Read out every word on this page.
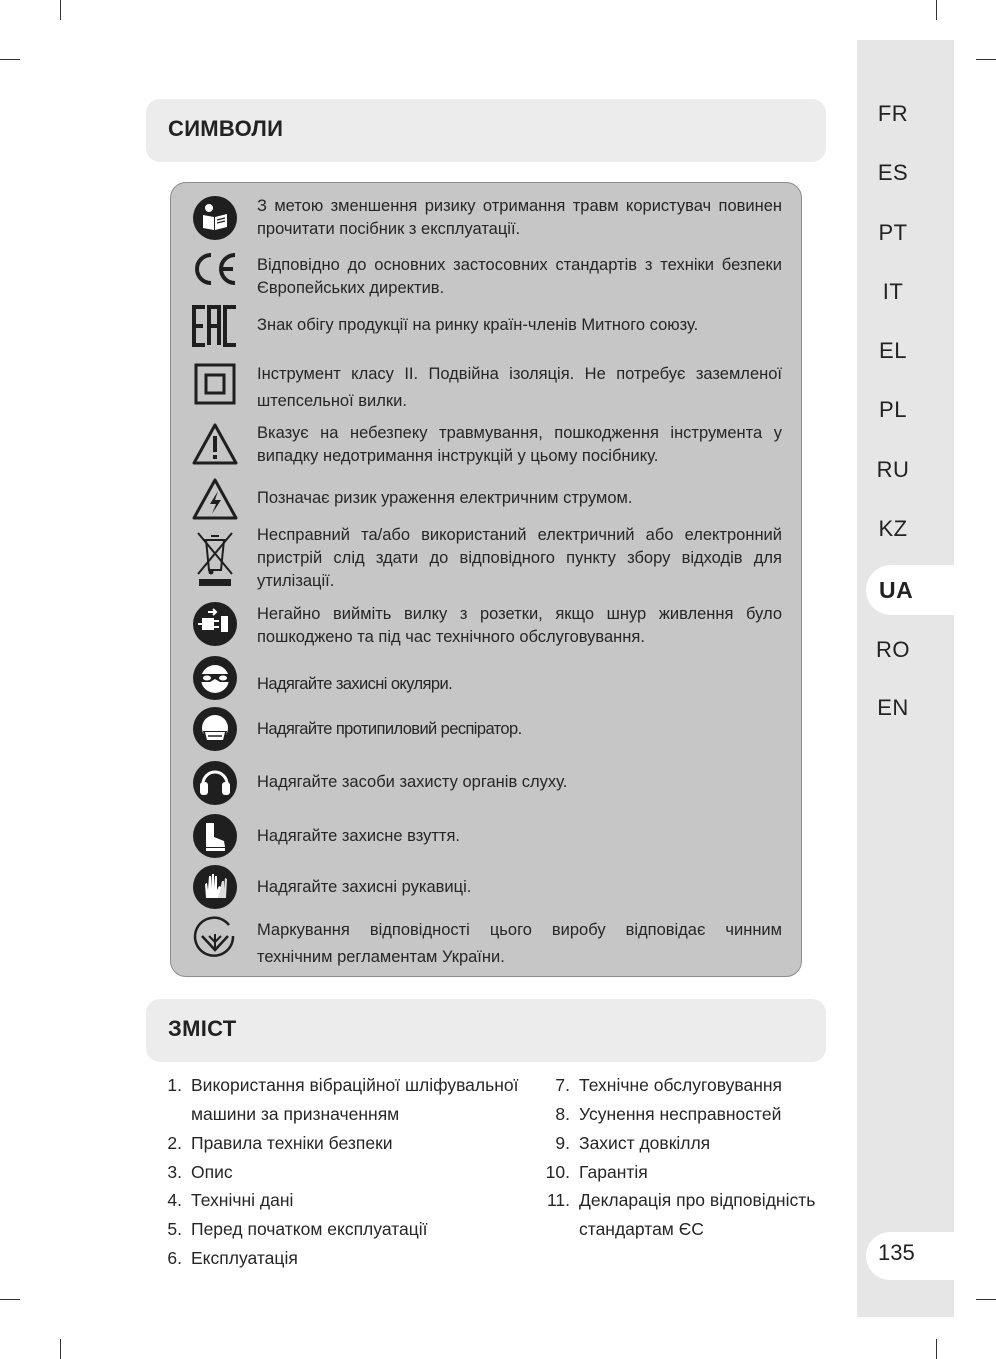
FR
ES
PT
IT
EL
PL
RU
KZ
UA
RO
EN
135
СИМВОЛИ
З метою зменшення ризику отримання травм користувач повинен прочитати посібник з експлуатації.
Відповідно до основних застосовних стандартів з техніки безпеки Європейських директив.
Знак обігу продукції на ринку країн-членів Митного союзу.
Інструмент класу II. Подвійна ізоляція. Не потребує заземленої штепсельної вилки.
Вказує на небезпеку травмування, пошкодження інструмента у випадку недотримання інструкцій у цьому посібнику.
Позначає ризик ураження електричним струмом.
Несправний та/або використаний електричний або електронний пристрій слід здати до відповідного пункту збору відходів для утилізації.
Негайно вийміть вилку з розетки, якщо шнур живлення було пошкоджено та під час технічного обслуговування.
Надягайте захисні окуляри.
Надягайте протипиловий респіратор.
Надягайте засоби захисту органів слуху.
Надягайте захисне взуття.
Надягайте захисні рукавиці.
Маркування відповідності цього виробу відповідає чинним технічним регламентам України.
ЗМІСТ
1. Використання вібраційної шліфувальної
машини за призначенням
2. Правила техніки безпеки
3. Опис
4. Технічні дані
5. Перед початком експлуатації
6. Експлуатація
7. Технічне обслуговування
8. Усунення несправностей
9. Захист довкілля
10. Гарантія
11. Декларація про відповідність
стандартам ЄС
